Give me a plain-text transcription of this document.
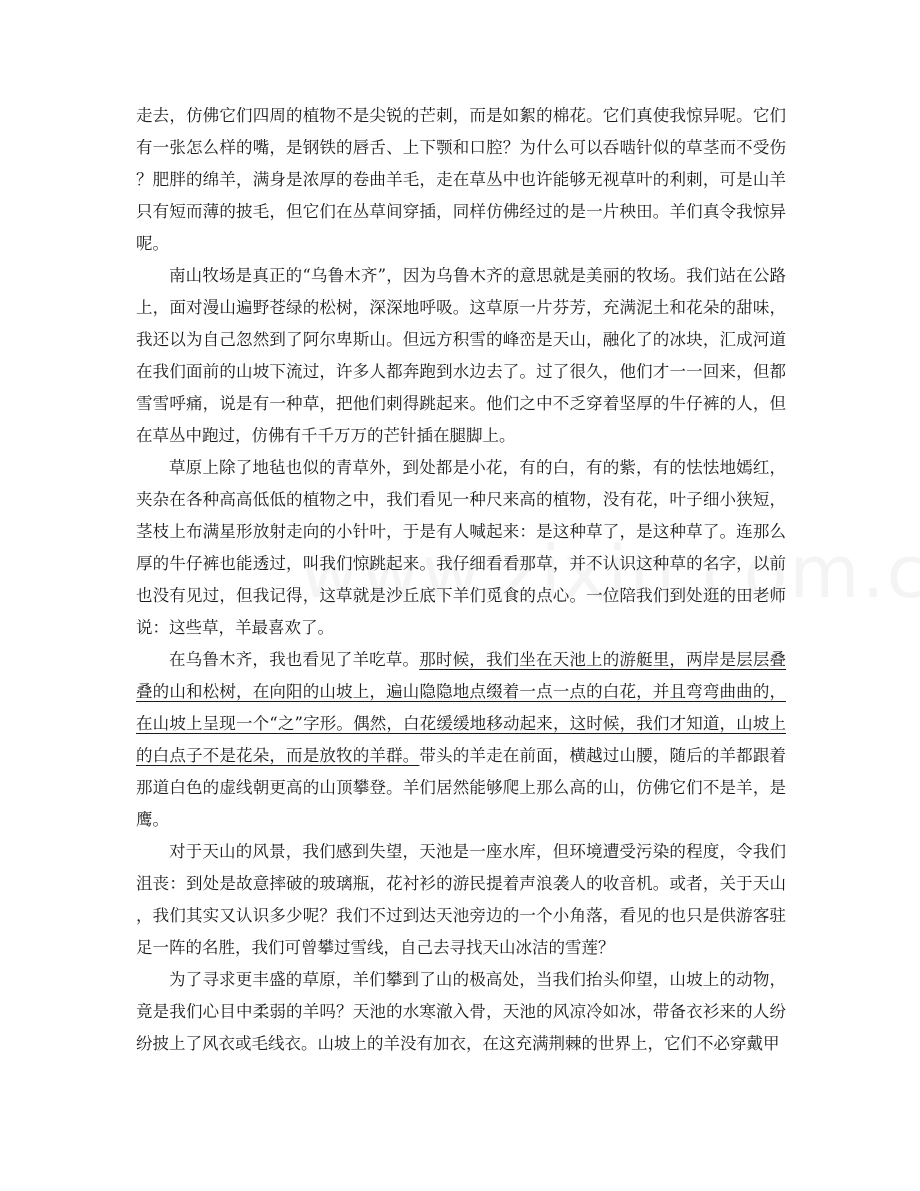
走去，仿佛它们四周的植物不是尖锐的芒刺，而是如絮的棉花。它们真使我惊异呢。它们有一张怎么样的嘴，是钢铁的唇舌、上下颚和口腔？为什么可以吞啮针似的草茎而不受伤？肥胖的绵羊，满身是浓厚的卷曲羊毛，走在草丛中也许能够无视草叶的利刺，可是山羊只有短而薄的披毛，但它们在丛草间穿插，同样仿佛经过的是一片秧田。羊们真令我惊异呢。

南山牧场是真正的“乌鲁木齐”，因为乌鲁木齐的意思就是美丽的牧场。我们站在公路上，面对漫山遍野苍绿的松树，深深地呼吸。这草原一片芬芳，充满泥土和花朵的甜味，我还以为自己忽然到了阿尔卑斯山。但远方积雪的峰峦是天山，融化了的冰块，汇成河道在我们面前的山坡下流过，许多人都奔跑到水边去了。过了很久，他们才一一回来，但都雪雪呼痛，说是有一种草，把他们刺得跳起来。他们之中不乏穿着坚厚的牛仔裤的人，但在草丛中跑过，仿佛有千千万万的芒针插在腿脚上。

草原上除了地毡也似的青草外，到处都是小花，有的白，有的紫，有的怯怯地嫣红，夹杂在各种高高低低的植物之中，我们看见一种尺来高的植物，没有花，叶子细小狭短，茎枝上布满星形放射走向的小针叶，于是有人喊起来：是这种草了，是这种草了。连那么厚的牛仔裤也能透过，叫我们惊跳起来。我仔细看看那草，并不认识这种草的名字，以前也没有见过，但我记得，这草就是沙丘底下羊们觅食的点心。一位陪我们到处逛的田老师说：这些草，羊最喜欢了。

在乌鲁木齐，我也看见了羊吃草。那时候，我们坐在天池上的游艇里，两岸是层层叠叠的山和松树，在向阳的山坡上，遍山隐隐地点缀着一点一点的白花，并且弯弯曲曲的，在山坡上呈现一个“之”字形。偶然，白花缓缓地移动起来，这时候，我们才知道，山坡上的白点子不是花朵，而是放牧的羊群。带头的羊走在前面，横越过山腰，随后的羊都跟着那道白色的虚线朝更高的山顶攀登。羊们居然能够爬上那么高的山，仿佛它们不是羊，是鹰。

对于天山的风景，我们感到失望，天池是一座水库，但环境遭受污染的程度，令我们沮丧：到处是故意摔破的玻璃瓶，花衬衫的游民提着声浪袭人的收音机。或者，关于天山，我们其实又认识多少呢？我们不过到达天池旁边的一个小角落，看见的也只是供游客驻足一阵的名胜，我们可曾攀过雪线，自己去寻找天山冰洁的雪莲？

为了寻求更丰盛的草原，羊们攀到了山的极高处，当我们抬头仰望，山坡上的动物，竟是我们心目中柔弱的羊吗？天池的水寒澈入骨，天池的风凉冷如冰，带备衣衫来的人纷纷披上了风衣或毛线衣。山坡上的羊没有加衣，在这充满荆棘的世界上，它们不必穿戴甲
